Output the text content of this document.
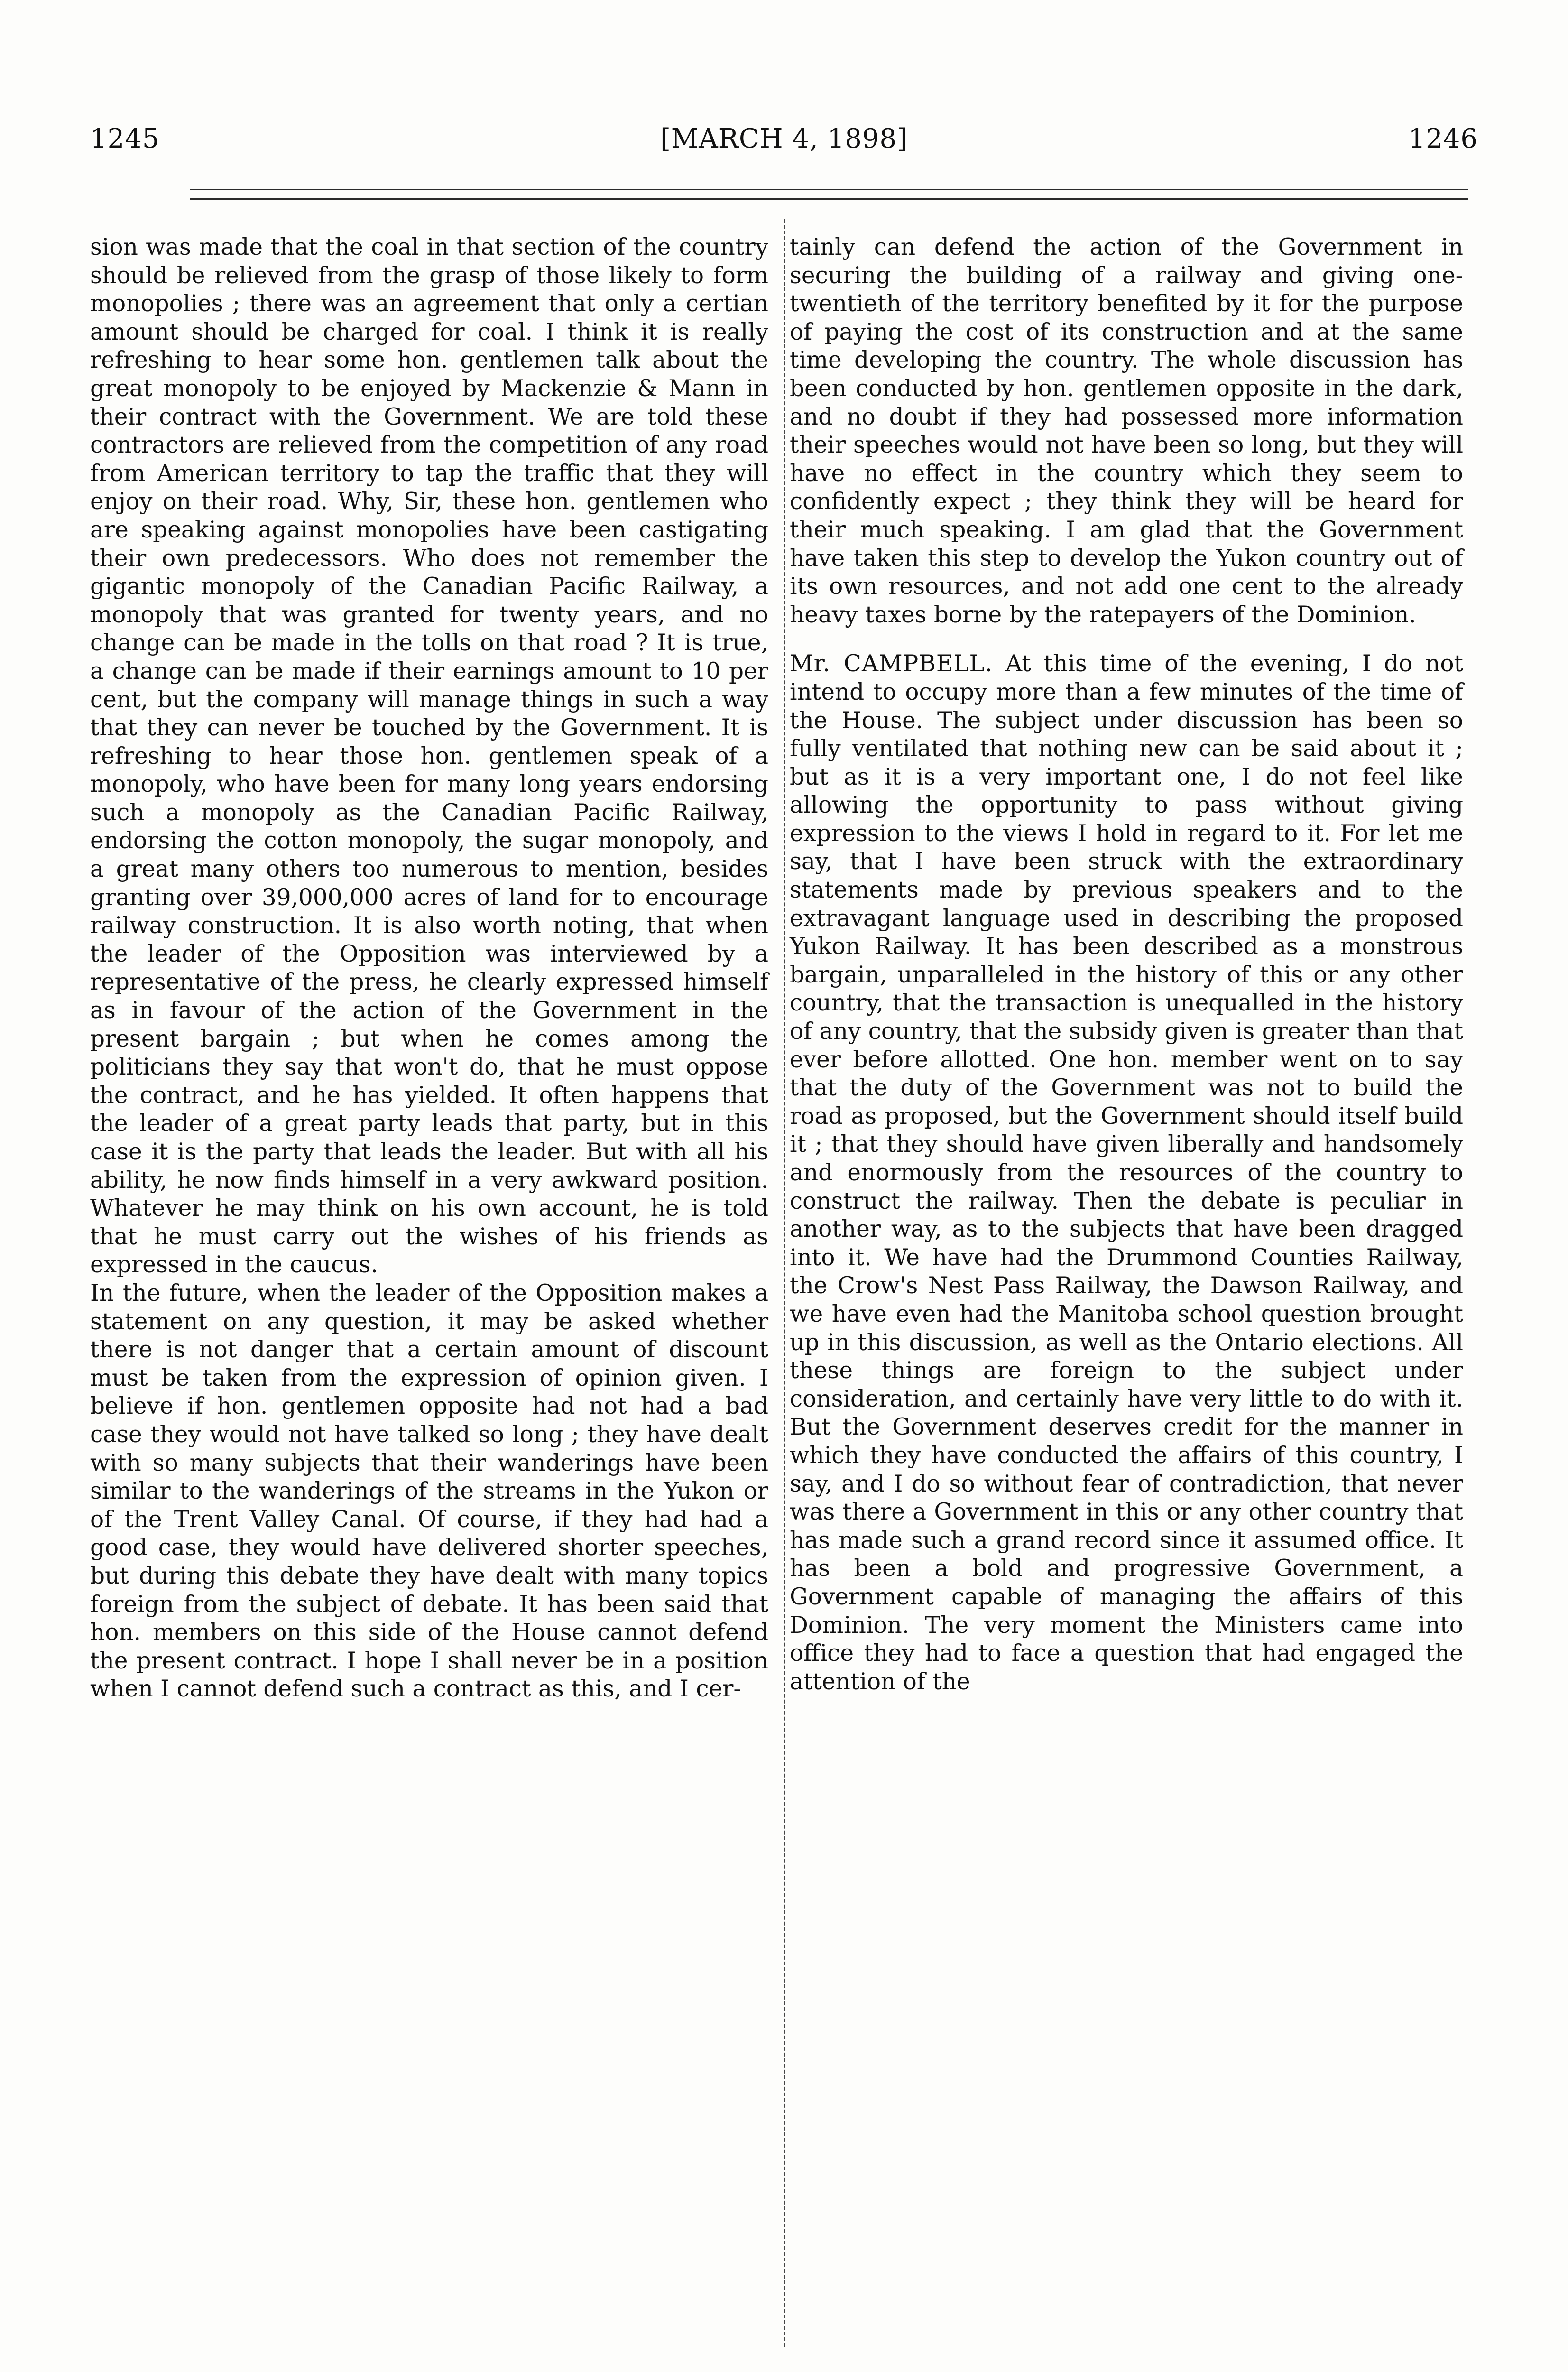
1245	[MARCH 4, 1898]	1246

sion was made that the coal in that section of the country should be relieved from the grasp of those likely to form monopolies ; there was an agreement that only a certian amount should be charged for coal. I think it is really refreshing to hear some hon. gentlemen talk about the great monopoly to be enjoyed by Mackenzie & Mann in their contract with the Government. We are told these contractors are relieved from the competition of any road from American territory to tap the traffic that they will enjoy on their road. Why, Sir, these hon. gentlemen who are speaking against monopolies have been castigating their own predecessors. Who does not remember the gigantic monopoly of the Canadian Pacific Railway, a monopoly that was granted for twenty years, and no change can be made in the tolls on that road ? It is true, a change can be made if their earnings amount to 10 per cent, but the company will manage things in such a way that they can never be touched by the Government. It is refreshing to hear those hon. gentlemen speak of a monopoly, who have been for many long years endorsing such a monopoly as the Canadian Pacific Railway, endorsing the cotton monopoly, the sugar monopoly, and a great many others too numerous to mention, besides granting over 39,000,000 acres of land for to encourage railway construction. It is also worth noting, that when the leader of the Opposition was interviewed by a representative of the press, he clearly expressed himself as in favour of the action of the Government in the present bargain ; but when he comes among the politicians they say that won't do, that he must oppose the contract, and he has yielded. It often happens that the leader of a great party leads that party, but in this case it is the party that leads the leader. But with all his ability, he now finds himself in a very awkward position. Whatever he may think on his own account, he is told that he must carry out the wishes of his friends as expressed in the caucus.

In the future, when the leader of the Opposition makes a statement on any question, it may be asked whether there is not danger that a certain amount of discount must be taken from the expression of opinion given. I believe if hon. gentlemen opposite had not had a bad case they would not have talked so long ; they have dealt with so many subjects that their wanderings have been similar to the wanderings of the streams in the Yukon or of the Trent Valley Canal. Of course, if they had had a good case, they would have delivered shorter speeches, but during this debate they have dealt with many topics foreign from the subject of debate. It has been said that hon. members on this side of the House cannot defend the present contract. I hope I shall never be in a position when I cannot defend such a contract as this, and I cer-

tainly can defend the action of the Government in securing the building of a railway and giving one-twentieth of the territory benefited by it for the purpose of paying the cost of its construction and at the same time developing the country. The whole discussion has been conducted by hon. gentlemen opposite in the dark, and no doubt if they had possessed more information their speeches would not have been so long, but they will have no effect in the country which they seem to confidently expect ; they think they will be heard for their much speaking. I am glad that the Government have taken this step to develop the Yukon country out of its own resources, and not add one cent to the already heavy taxes borne by the ratepayers of the Dominion.

Mr. CAMPBELL. At this time of the evening, I do not intend to occupy more than a few minutes of the time of the House. The subject under discussion has been so fully ventilated that nothing new can be said about it ; but as it is a very important one, I do not feel like allowing the opportunity to pass without giving expression to the views I hold in regard to it. For let me say, that I have been struck with the extraordinary statements made by previous speakers and to the extravagant language used in describing the proposed Yukon Railway. It has been described as a monstrous bargain, unparalleled in the history of this or any other country, that the transaction is unequalled in the history of any country, that the subsidy given is greater than that ever before allotted. One hon. member went on to say that the duty of the Government was not to build the road as proposed, but the Government should itself build it ; that they should have given liberally and handsomely and enormously from the resources of the country to construct the railway. Then the debate is peculiar in another way, as to the subjects that have been dragged into it. We have had the Drummond Counties Railway, the Crow's Nest Pass Railway, the Dawson Railway, and we have even had the Manitoba school question brought up in this discussion, as well as the Ontario elections. All these things are foreign to the subject under consideration, and certainly have very little to do with it. But the Government deserves credit for the manner in which they have conducted the affairs of this country, I say, and I do so without fear of contradiction, that never was there a Government in this or any other country that has made such a grand record since it assumed office. It has been a bold and progressive Government, a Government capable of managing the affairs of this Dominion. The very moment the Ministers came into office they had to face a question that had engaged the attention of the
